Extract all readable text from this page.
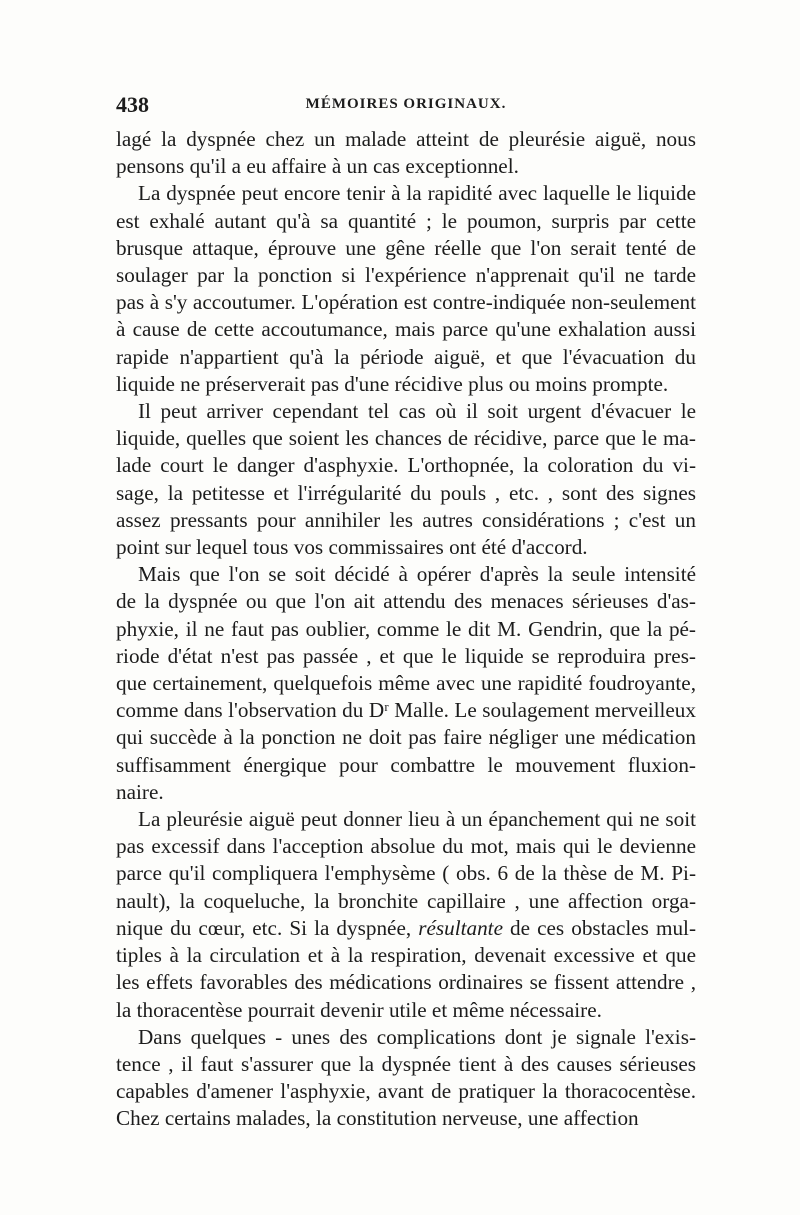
438	MÉMOIRES ORIGINAUX.
lagé la dyspnée chez un malade atteint de pleurésie aiguë, nous
pensons qu'il a eu affaire à un cas exceptionnel.
La dyspnée peut encore tenir à la rapidité avec laquelle le liquide
est exhalé autant qu'à sa quantité ; le poumon, surpris par cette
brusque attaque, éprouve une gêne réelle que l'on serait tenté de
soulager par la ponction si l'expérience n'apprenait qu'il ne tarde
pas à s'y accoutumer. L'opération est contre-indiquée non-seulement
à cause de cette accoutumance, mais parce qu'une exhalation aussi
rapide n'appartient qu'à la période aiguë, et que l'évacuation du
liquide ne préserverait pas d'une récidive plus ou moins prompte.
Il peut arriver cependant tel cas où il soit urgent d'évacuer le
liquide, quelles que soient les chances de récidive, parce que le ma-
lade court le danger d'asphyxie. L'orthopnée, la coloration du vi-
sage, la petitesse et l'irrégularité du pouls , etc. , sont des signes
assez pressants pour annihiler les autres considérations ; c'est un
point sur lequel tous vos commissaires ont été d'accord.
Mais que l'on se soit décidé à opérer d'après la seule intensité
de la dyspnée ou que l'on ait attendu des menaces sérieuses d'as-
phyxie, il ne faut pas oublier, comme le dit M. Gendrin, que la pé-
riode d'état n'est pas passée , et que le liquide se reproduira pres-
que certainement, quelquefois même avec une rapidité foudroyante,
comme dans l'observation du Dʳ Malle. Le soulagement merveilleux
qui succède à la ponction ne doit pas faire négliger une médication
suffisamment énergique pour combattre le mouvement fluxion-
naire.
La pleurésie aiguë peut donner lieu à un épanchement qui ne soit
pas excessif dans l'acception absolue du mot, mais qui le devienne
parce qu'il compliquera l'emphysème ( obs. 6 de la thèse de M. Pi-
nault), la coqueluche, la bronchite capillaire , une affection orga-
nique du cœur, etc. Si la dyspnée, résultante de ces obstacles mul-
tiples à la circulation et à la respiration, devenait excessive et que
les effets favorables des médications ordinaires se fissent attendre ,
la thoracentèse pourrait devenir utile et même nécessaire.
Dans quelques - unes des complications dont je signale l'exis-
tence , il faut s'assurer que la dyspnée tient à des causes sérieuses
capables d'amener l'asphyxie, avant de pratiquer la thoracocentèse.
Chez certains malades, la constitution nerveuse, une affection
